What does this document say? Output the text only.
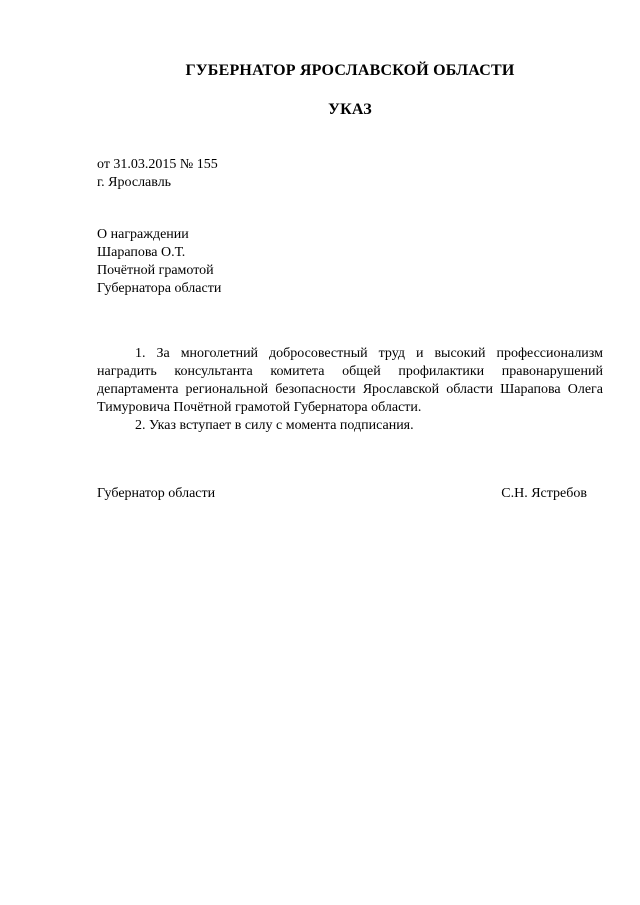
ГУБЕРНАТОР ЯРОСЛАВСКОЙ ОБЛАСТИ
УКАЗ
от 31.03.2015 № 155
г. Ярославль
О награждении
Шарапова О.Т.
Почётной грамотой
Губернатора области

1. За многолетний добросовестный труд и высокий профессионализм наградить консультанта комитета общей профилактики правонарушений департамента региональной безопасности Ярославской области Шарапова Олега Тимуровича Почётной грамотой Губернатора области.

2. Указ вступает в силу с момента подписания.

Губернатор области	С.Н. Ястребов
